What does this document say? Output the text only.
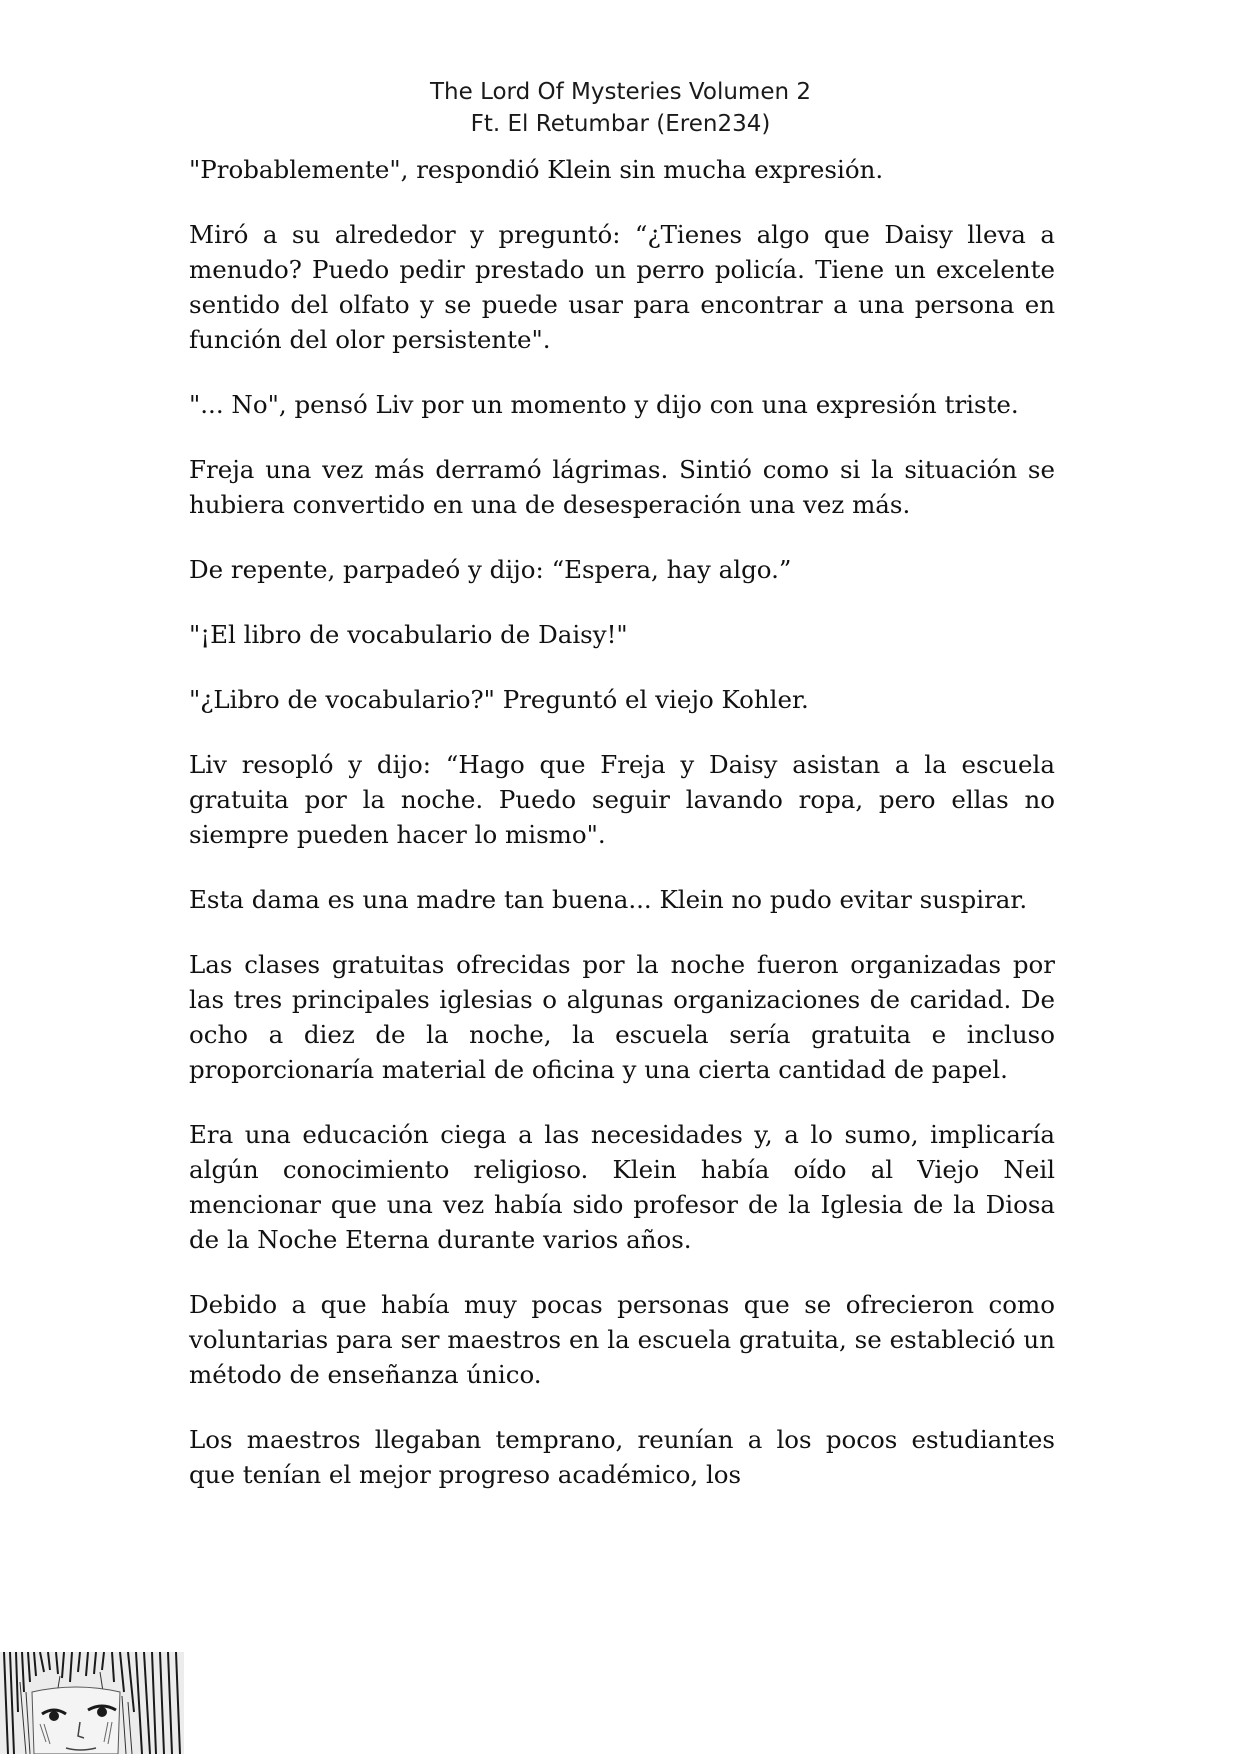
The Lord Of Mysteries Volumen 2
Ft. El Retumbar (Eren234)

"Probablemente", respondió Klein sin mucha expresión.

Miró a su alrededor y preguntó: “¿Tienes algo que Daisy lleva a menudo? Puedo pedir prestado un perro policía. Tiene un excelente sentido del olfato y se puede usar para encontrar a una persona en función del olor persistente".

"... No", pensó Liv por un momento y dijo con una expresión triste.

Freja una vez más derramó lágrimas. Sintió como si la situación se hubiera convertido en una de desesperación una vez más.

De repente, parpadeó y dijo: “Espera, hay algo.”

"¡El libro de vocabulario de Daisy!"

"¿Libro de vocabulario?" Preguntó el viejo Kohler.

Liv resopló y dijo: “Hago que Freja y Daisy asistan a la escuela gratuita por la noche. Puedo seguir lavando ropa, pero ellas no siempre pueden hacer lo mismo".

Esta dama es una madre tan buena... Klein no pudo evitar suspirar.

Las clases gratuitas ofrecidas por la noche fueron organizadas por las tres principales iglesias o algunas organizaciones de caridad. De ocho a diez de la noche, la escuela sería gratuita e incluso proporcionaría material de oficina y una cierta cantidad de papel.

Era una educación ciega a las necesidades y, a lo sumo, implicaría algún conocimiento religioso. Klein había oído al Viejo Neil mencionar que una vez había sido profesor de la Iglesia de la Diosa de la Noche Eterna durante varios años.

Debido a que había muy pocas personas que se ofrecieron como voluntarias para ser maestros en la escuela gratuita, se estableció un método de enseñanza único.

Los maestros llegaban temprano, reunían a los pocos estudiantes que tenían el mejor progreso académico, los
